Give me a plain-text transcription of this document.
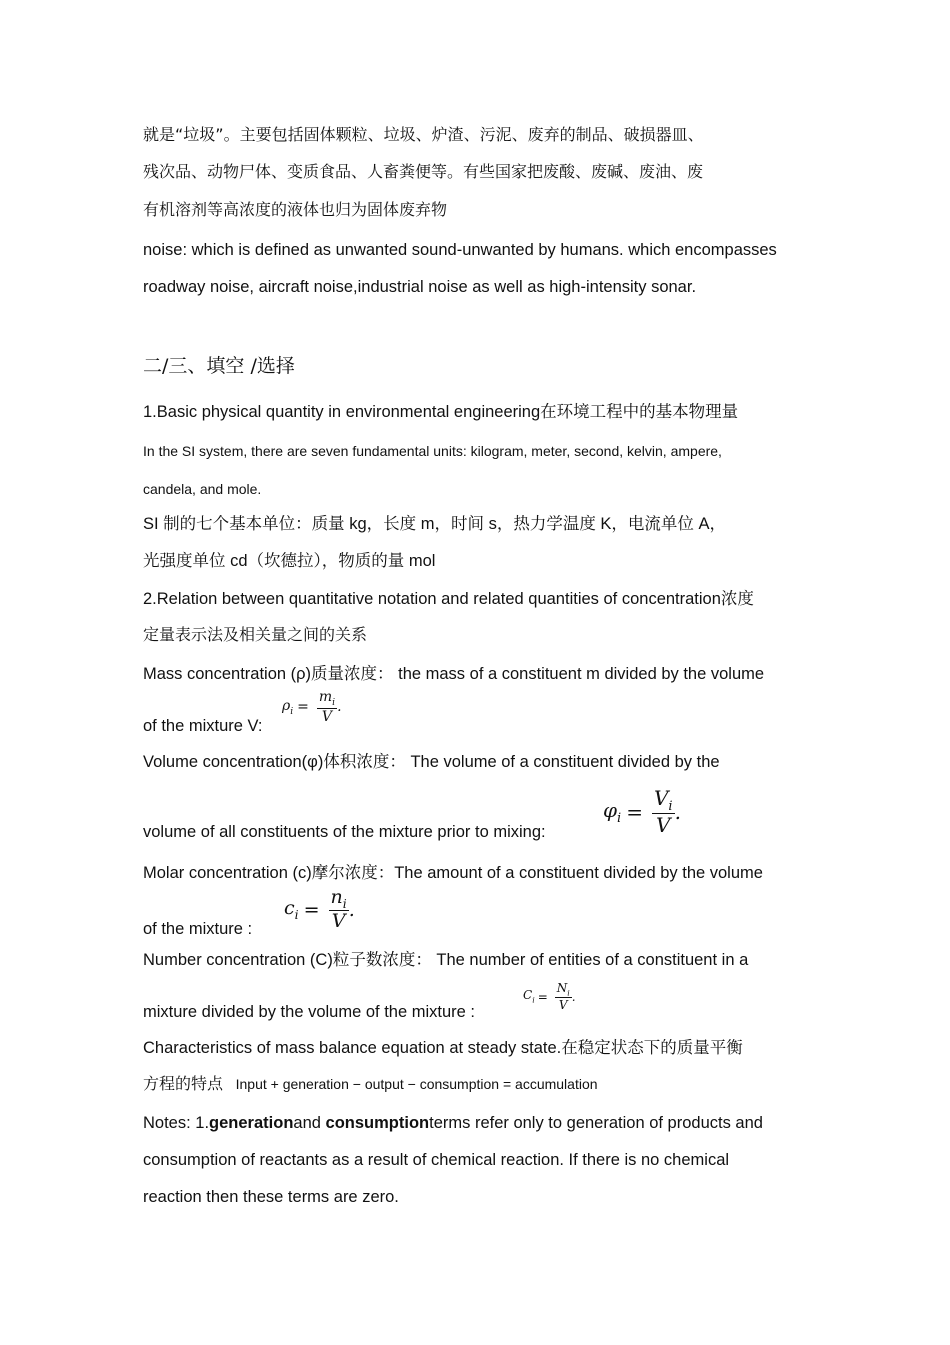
就是“垃圾”。主要包括固体颗粒、垃圾、炉渣、污泥、废弃的制品、破损器皿、
残次品、动物尸体、变质食品、人畜粪便等。有些国家把废酸、废碱、废油、废
有机溶剂等高浓度的液体也归为固体废弃物
noise: which is defined as unwanted sound-unwanted by humans. which encompasses
roadway noise, aircraft noise,industrial noise as well as high-intensity sonar.
二/三、填空 /选择
1.Basic physical quantity in environmental engineering在环境工程中的基本物理量
In the SI system, there are seven fundamental units: kilogram, meter, second, kelvin, ampere,
candela, and mole.
SI 制的七个基本单位：质量 kg，长度 m，时间 s，热力学温度 K，电流单位 A，
光强度单位 cd（坎德拉），物质的量 mol
2.Relation between quantitative notation and related quantities of concentration浓度
定量表示法及相关量之间的关系
Mass concentration (ρ)质量浓度： the mass of a constituent m divided by the volume
of the mixture V:
$\rho_i = \frac{m_i}{V}$ .
Volume concentration(φ)体积浓度： The volume of a constituent divided by the
volume of all constituents of the mixture prior to mixing:
$\varphi_i = \frac{V_i}{V}$ .
Molar concentration (c)摩尔浓度：The amount of a constituent divided by the volume
of the mixture :
$c_i = \frac{n_i}{V}$ .
Number concentration (C)粒子数浓度： The number of entities of a constituent in a
mixture divided by the volume of the mixture :
$C_i = \frac{N_i}{V}$ .
Characteristics of mass balance equation at steady state.在稳定状态下的质量平衡
方程的特点 Input + generation − output − consumption = accumulation
Notes: 1.generationand consumptionterms refer only to generation of products and
consumption of reactants as a result of chemical reaction. If there is no chemical
reaction then these terms are zero.
